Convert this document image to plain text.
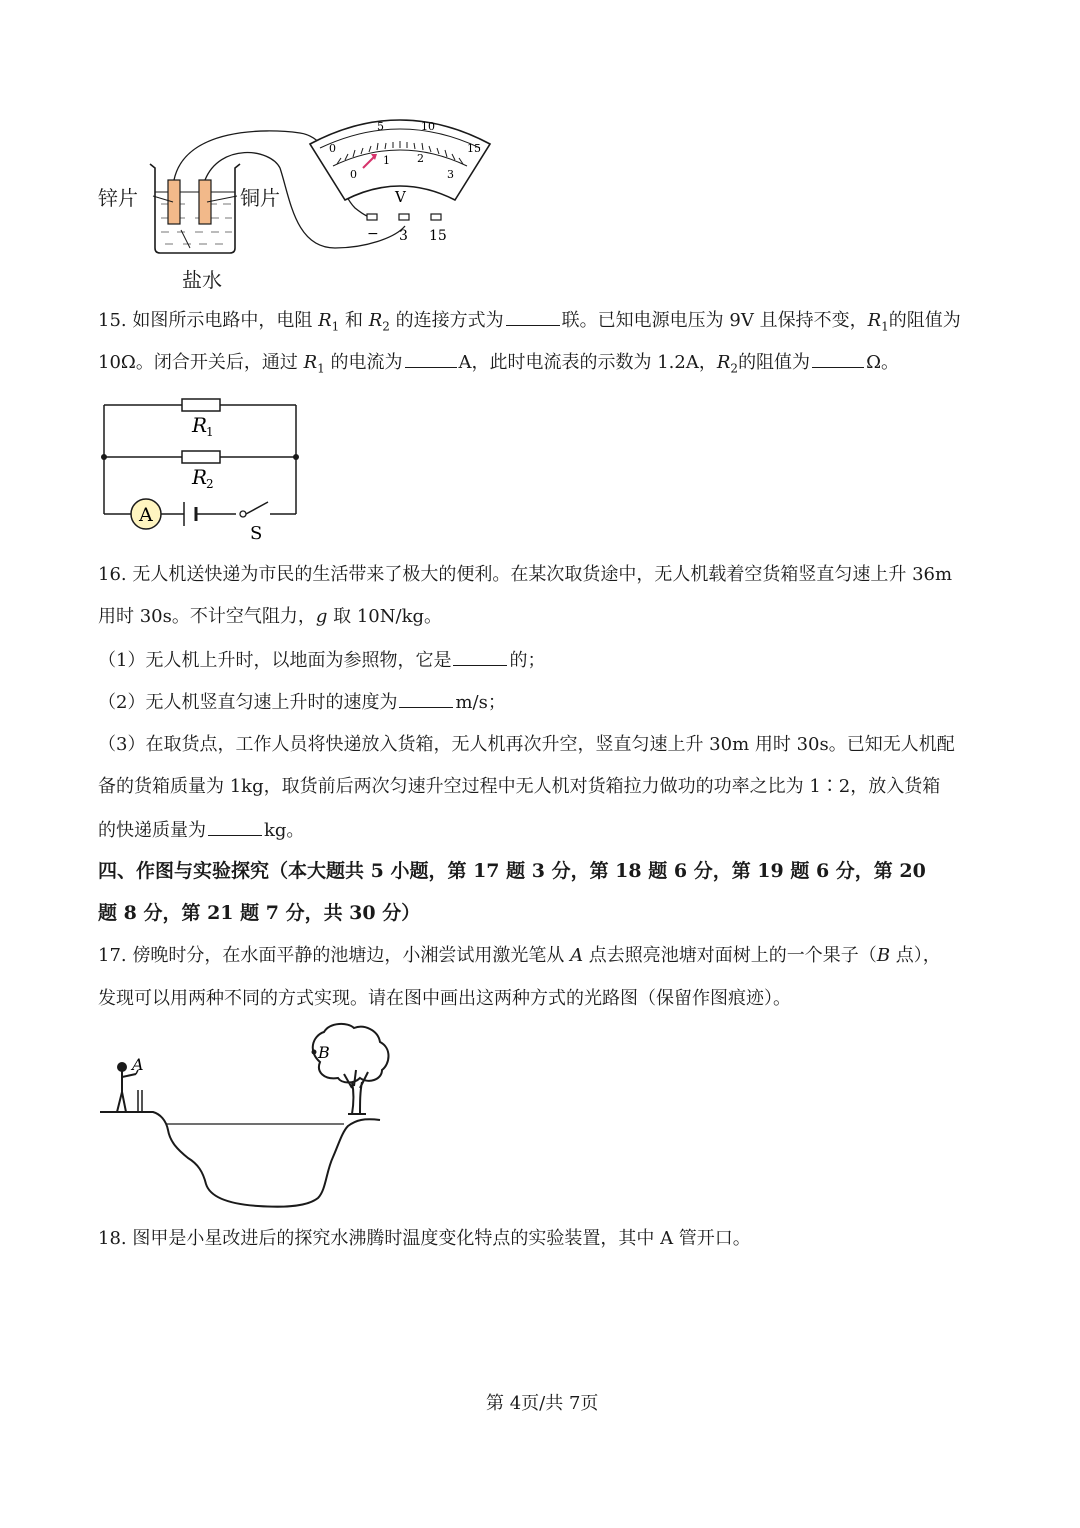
0
5	10
15
0
1 2
3
V
− 3 15
锌片	铜片
盐水
15. 如图所示电路中，电阻 $R_1$ 和 $R_2$ 的连接方式为	联。已知电源电压为 9V 且保持不变，$R_1$的阻值为
10Ω。闭合开关后，通过 $R_1$ 的电流为	A，此时电流表的示数为 1.2A，$R_2$的阻值为	Ω。
R
1
R
2
A
S
16. 无人机送快递为市民的生活带来了极大的便利。在某次取货途中，无人机载着空货箱竖直匀速上升 36m
用时 30s。不计空气阻力，g 取 10N/kg。
（1）无人机上升时，以地面为参照物，它是	的；
（2）无人机竖直匀速上升时的速度为	m/s；
（3）在取货点，工作人员将快递放入货箱，无人机再次升空，竖直匀速上升 30m 用时 30s。已知无人机配
备的货箱质量为 1kg，取货前后两次匀速升空过程中无人机对货箱拉力做功的功率之比为 1∶2，放入货箱
的快递质量为	kg。
四、作图与实验探究（本大题共 5 小题，第 17 题 3 分，第 18 题 6 分，第 19 题 6 分，第 20
题 8 分，第 21 题 7 分，共 30 分）
17. 傍晚时分，在水面平静的池塘边，小湘尝试用激光笔从 A 点去照亮池塘对面树上的一个果子（B 点），
发现可以用两种不同的方式实现。请在图中画出这两种方式的光路图（保留作图痕迹）。
B
A
18. 图甲是小星改进后的探究水沸腾时温度变化特点的实验装置，其中 A 管开口。
第 4页/共 7页
